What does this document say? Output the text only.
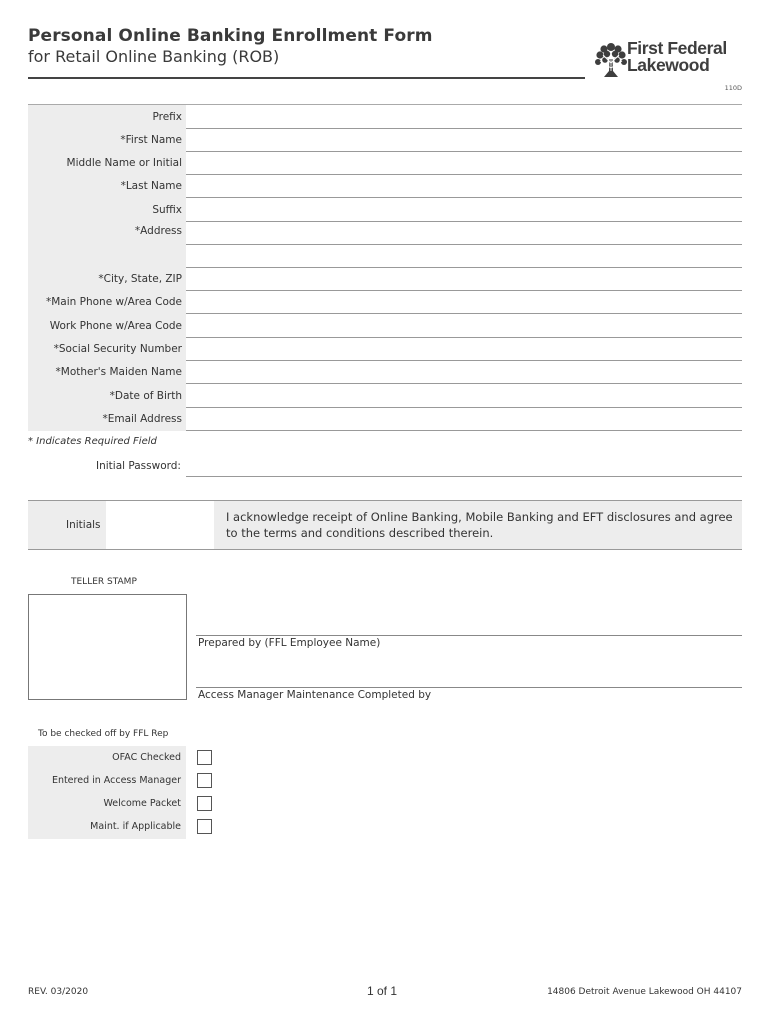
Personal Online Banking Enrollment Form
for Retail Online Banking (ROB)	First Federal
Lakewood
110D
Prefix
*First Name
Middle Name or Initial
*Last Name
Suffix
*Address
*City, State, ZIP
*Main Phone w/Area Code
Work Phone w/Area Code
*Social Security Number
*Mother's Maiden Name
*Date of Birth
*Email Address
* Indicates Required Field
Initial Password:
Initials
I acknowledge receipt of Online Banking, Mobile Banking and EFT disclosures and agree to the terms and conditions described therein.
TELLER STAMP
Prepared by (FFL Employee Name)
Access Manager Maintenance Completed by
To be checked off by FFL Rep
OFAC Checked
Entered in Access Manager
Welcome Packet
Maint. if Applicable
REV. 03/2020	1 of 1	14806 Detroit Avenue Lakewood OH 44107
